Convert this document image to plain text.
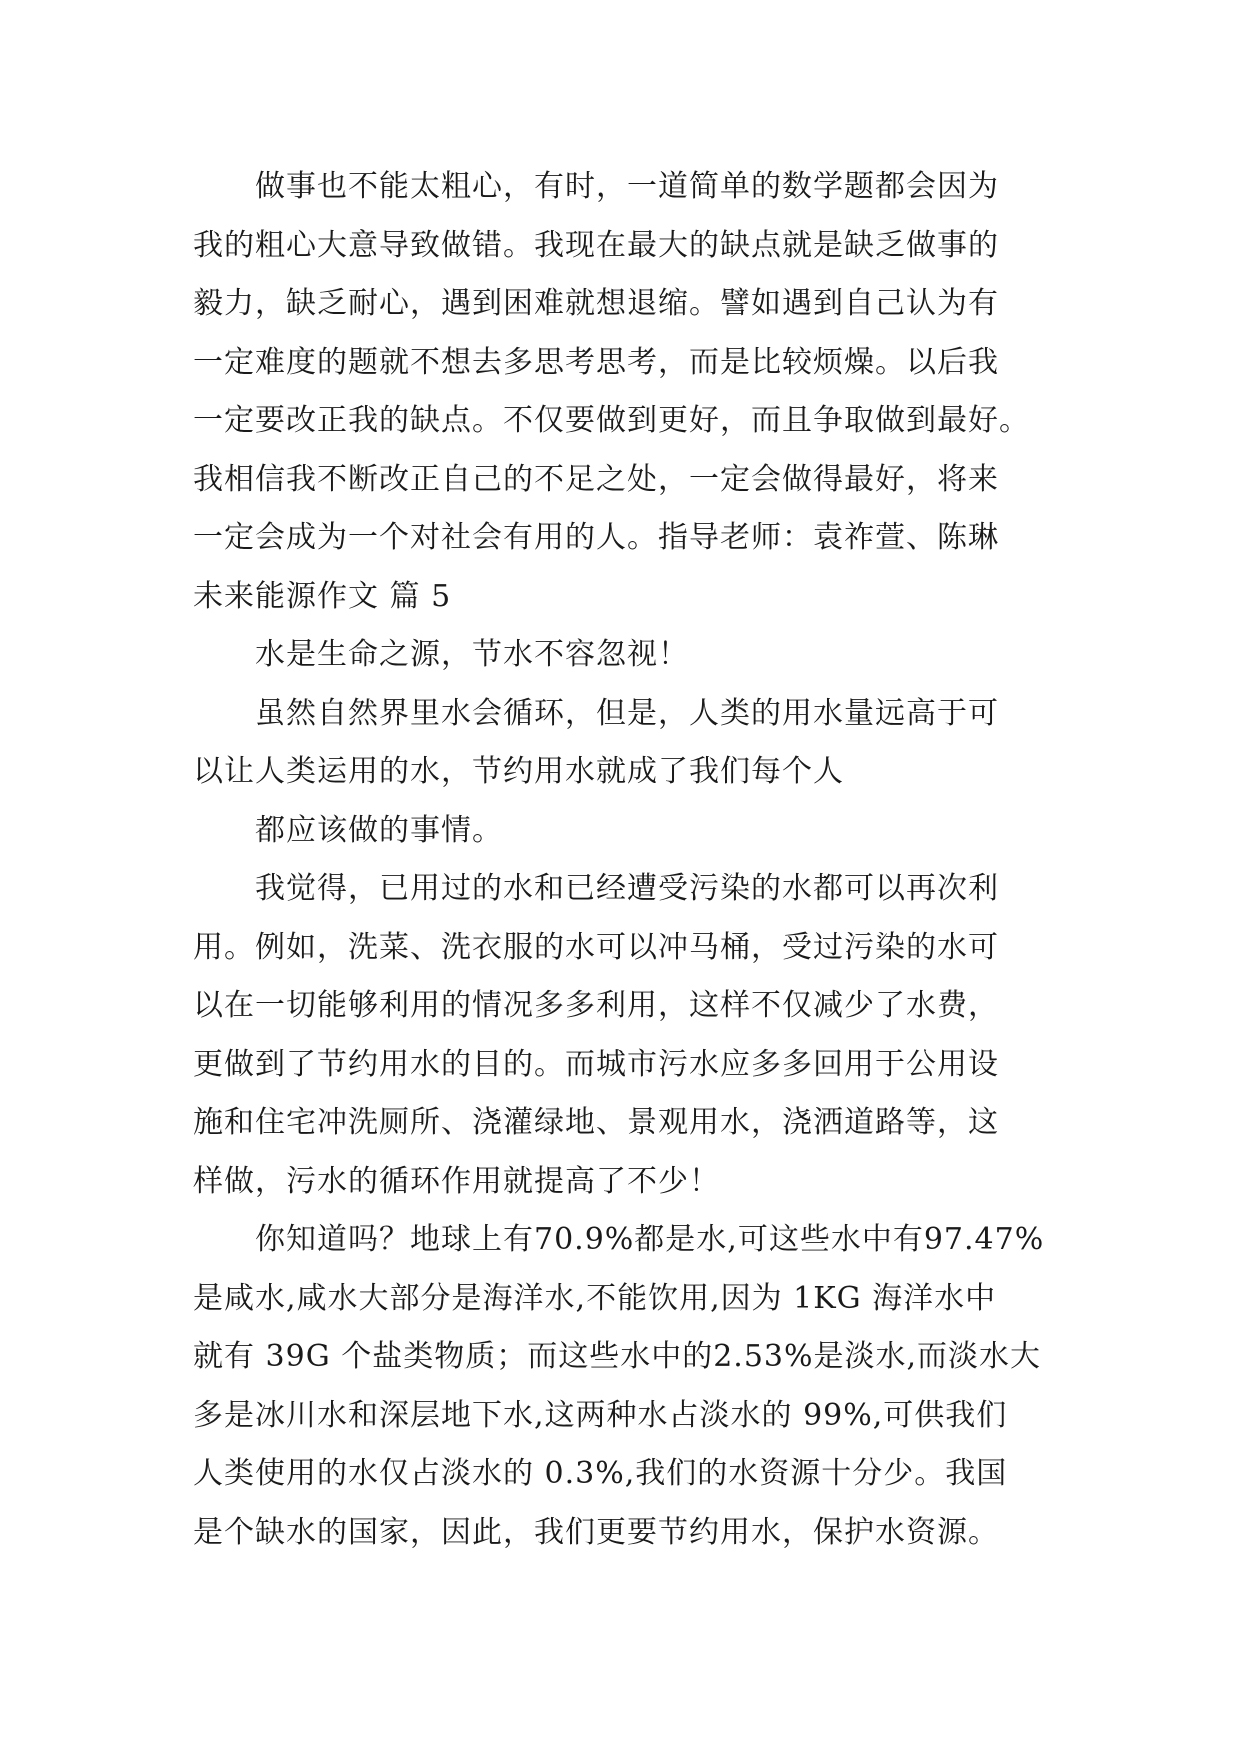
做事也不能太粗心，有时，一道简单的数学题都会因为
我的粗心大意导致做错。我现在最大的缺点就是缺乏做事的
毅力，缺乏耐心，遇到困难就想退缩。譬如遇到自己认为有
一定难度的题就不想去多思考思考，而是比较烦燥。以后我
一定要改正我的缺点。不仅要做到更好，而且争取做到最好。
我相信我不断改正自己的不足之处，一定会做得最好，将来
一定会成为一个对社会有用的人。指导老师：袁祚萱、陈琳
未来能源作文 篇 5
水是生命之源，节水不容忽视！
虽然自然界里水会循环，但是，人类的用水量远高于可
以让人类运用的水，节约用水就成了我们每个人
都应该做的事情。
我觉得，已用过的水和已经遭受污染的水都可以再次利
用。例如，洗菜、洗衣服的水可以冲马桶，受过污染的水可
以在一切能够利用的情况多多利用，这样不仅减少了水费，
更做到了节约用水的目的。而城市污水应多多回用于公用设
施和住宅冲洗厕所、浇灌绿地、景观用水，浇洒道路等，这
样做，污水的循环作用就提高了不少！
你知道吗？地球上有70.9%都是水,可这些水中有97.47%
是咸水,咸水大部分是海洋水,不能饮用,因为 1KG 海洋水中
就有 39G 个盐类物质；而这些水中的2.53%是淡水,而淡水大
多是冰川水和深层地下水,这两种水占淡水的 99%,可供我们
人类使用的水仅占淡水的 0.3%,我们的水资源十分少。我国
是个缺水的国家，因此，我们更要节约用水，保护水资源。
